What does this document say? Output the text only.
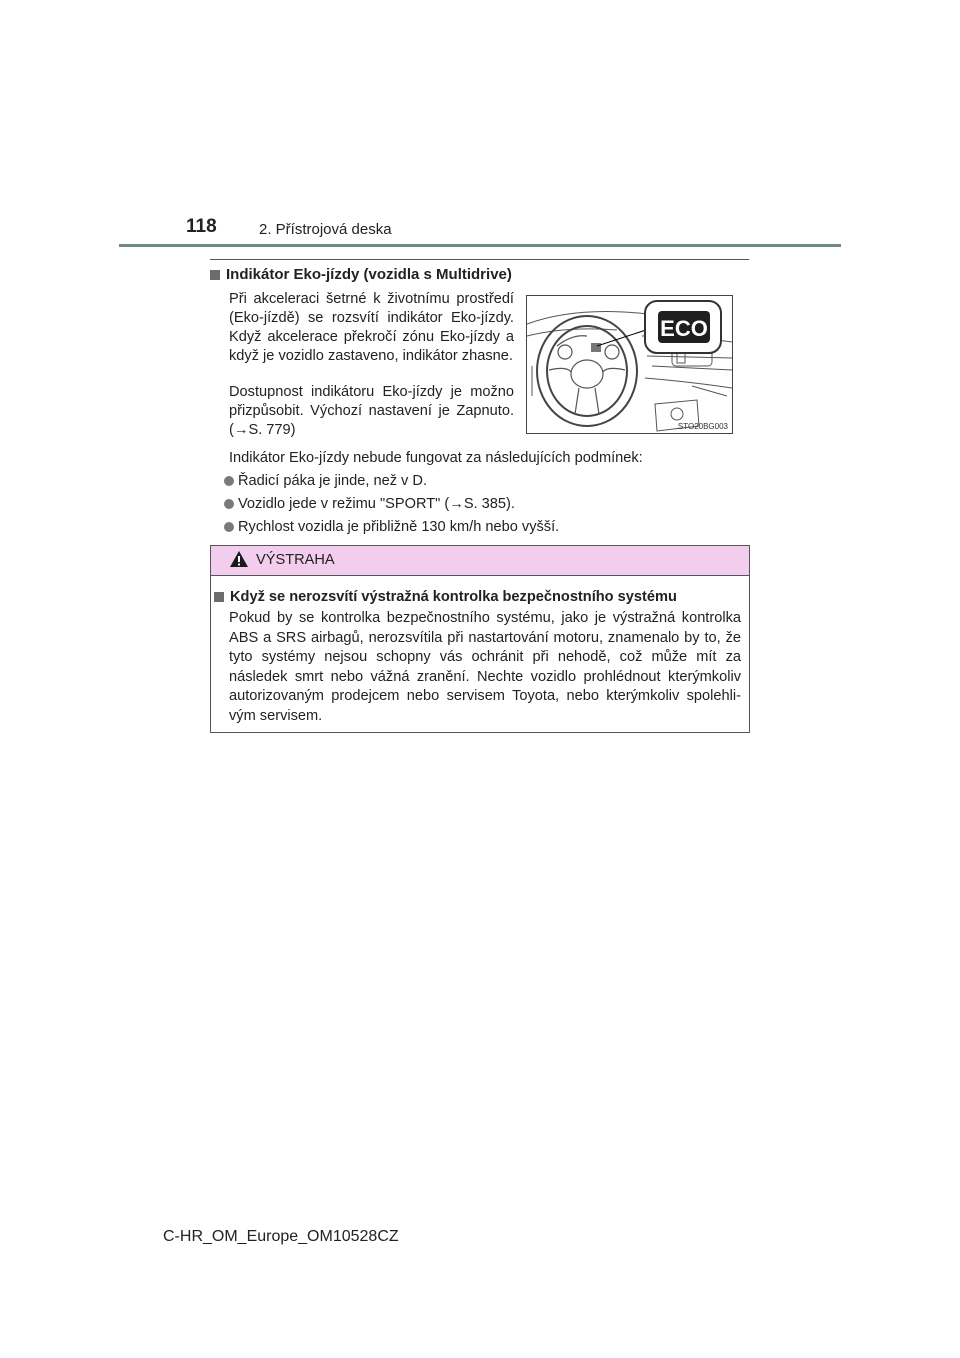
118	2. Přístrojová deska
Indikátor Eko-jízdy (vozidla s Multidrive)
Při akceleraci šetrné k životnímu prostředí (Eko-jízdě) se rozsvítí indikátor Eko-jízdy. Když akcelerace překročí zónu Eko-jízdy a když je vozidlo zastaveno, indikátor zhasne.
Dostupnost indikátoru Eko-jízdy je možno přizpůsobit. Výchozí nastavení je Zapnuto. (→S. 779)
ECO
STO20BG003
Indikátor Eko-jízdy nebude fungovat za následujících podmínek:
Řadicí páka je jinde, než v D.
Vozidlo jede v režimu "SPORT" (→S. 385).
Rychlost vozidla je přibližně 130 km/h nebo vyšší.
VÝSTRAHA
Když se nerozsvítí výstražná kontrolka bezpečnostního systému
Pokud by se kontrolka bezpečnostního systému, jako je výstražná kontrolka ABS a SRS airbagů, nerozsvítila při nastartování motoru, znamenalo by to, že tyto systémy nejsou schopny vás ochránit při nehodě, což může mít za následek smrt nebo vážná zranění. Nechte vozidlo prohlédnout kterýmkoliv autorizovaným prodejcem nebo servisem Toyota, nebo kterýmkoliv spolehli-vým servisem.
C-HR_OM_Europe_OM10528CZ
